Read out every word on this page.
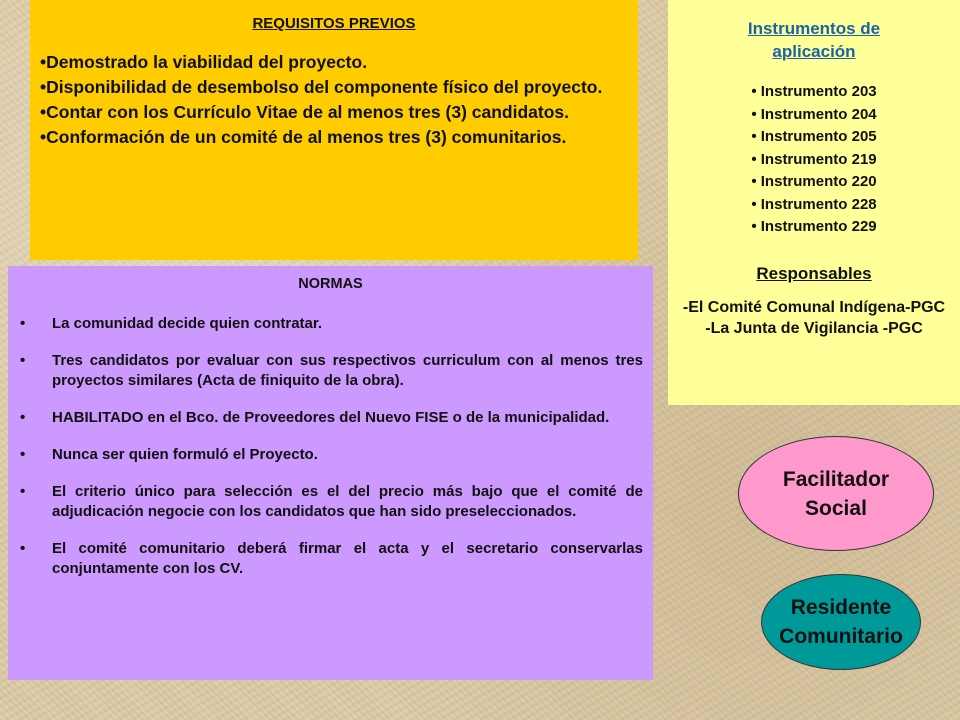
REQUISITOS PREVIOS
• Demostrado la viabilidad del proyecto.
• Disponibilidad de desembolso del componente físico del proyecto.
• Contar con los Currículo Vitae de al menos tres (3) candidatos.
• Conformación de un comité de al menos tres (3) comunitarios.
NORMAS
• La comunidad decide quien contratar.
• Tres candidatos por evaluar con sus respectivos curriculum con al menos tres proyectos similares (Acta de finiquito de la obra).
• HABILITADO en el Bco. de Proveedores del Nuevo FISE o de la municipalidad.
• Nunca ser quien formuló el Proyecto.
• El criterio único para selección es el del precio más bajo que el comité de adjudicación negocie con los candidatos que han sido preseleccionados.
• El comité comunitario deberá firmar el acta y el secretario conservarlas conjuntamente con los CV.
Instrumentos de aplicación
• Instrumento 203
• Instrumento 204
• Instrumento 205
• Instrumento 219
• Instrumento 220
• Instrumento 228
• Instrumento 229
Responsables
-El Comité Comunal Indígena-PGC
-La Junta de Vigilancia -PGC
Facilitador
Social
Residente
Comunitario
